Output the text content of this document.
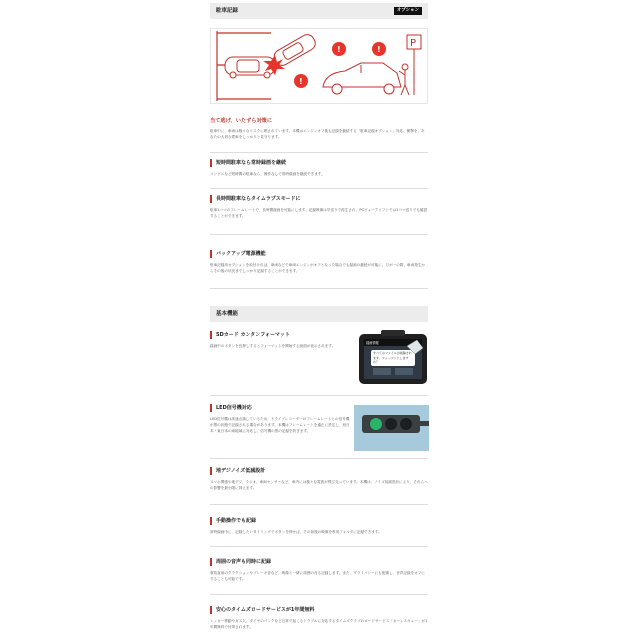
駐車記録	オプション
!
!	!
P
当て逃げ、いたずら対策に
駐車中に、車両は様々なリスクに晒されています。本機はエンジンオフ後も記録を継続する「駐車記録オプション」対応。衝撃を、あなたの大切な愛車をしっかりと見守ります。
短時間駐車なら常時録画を継続
コンビニなど短時間の駐車なら、操作なしで常時録画を継続できます。
長時間駐車ならタイムラプスモードに
駐車1コマのフレームレートで、長時間録画を可能にします。記録映像は早送りで再生され、PCビューアソフトでは1コマ送りでも確認することができます。
バックアップ電源機能
駐車記録用オプションを取付ければ、車両などで車両エンジンがオフとなった場合でも録画の継続が可能に。万が一の際、車両発生からその後の状況までしっかり記録することができます。
基本機能
SDカード カンタンフォーマット
録画中のボタンを長押しするとフォーマットを開始する画面が表示されます。
録画情報
すべてのファイルが削除されます。フォーマットしますか？
LED信号機対応
LED信号機は高速点滅しているため、ドライブレコーダーのフレームレートとの信号機が黒の状態で記録される場合があります。本機はフレームレートを適正に設定し、西日本・東日本の両地域に対応し、信号機の黒の記録を防ぎます。
地デジノイズ低減設計
スマホ関連や地デジ、ラジオ、車両センサーなど、車内には様々な電波が飛び交っています。本機は、ノイズ低減設計により、それらへの影響を最小限に抑えます。
手動操作でも記録
常時録画中に、記録したいタイミングでボタンを押せば、その前後の映像を専用フォルダに記録できます。
周囲の音声も同時に記録
事故直前のクラクションやブレーキ音など、映像と一緒に周囲の音も記録します。また、プライバシーにも配慮し、音声記録をオフにすることも可能です。
安心のタイムズロードサービスが1年間無料
レッカー移動やガス欠、タイヤのパンクなど日常で起こるトラブルに対応するタイムズクラブのロードサービス「カーレスキュー」が1年間無料で付帯されます。
